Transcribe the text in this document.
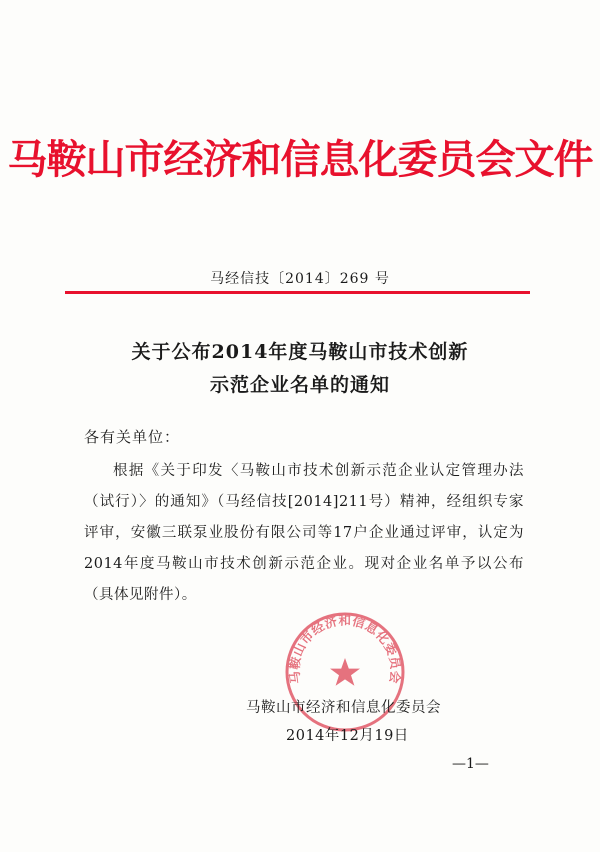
马鞍山市经济和信息化委员会文件
马经信技〔2014〕269 号
关于公布2014年度马鞍山市技术创新
示范企业名单的通知
各有关单位：
根据《关于印发〈马鞍山市技术创新示范企业认定管理办法（试行）〉的通知》（马经信技[2014]211号）精神，经组织专家评审，安徽三联泵业股份有限公司等17户企业通过评审，认定为2014年度马鞍山市技术创新示范企业。现对企业名单予以公布（具体见附件）。
马鞍山市经济和信息化委员会
马鞍山市经济和信息化委员会
2014年12月19日
—1—
